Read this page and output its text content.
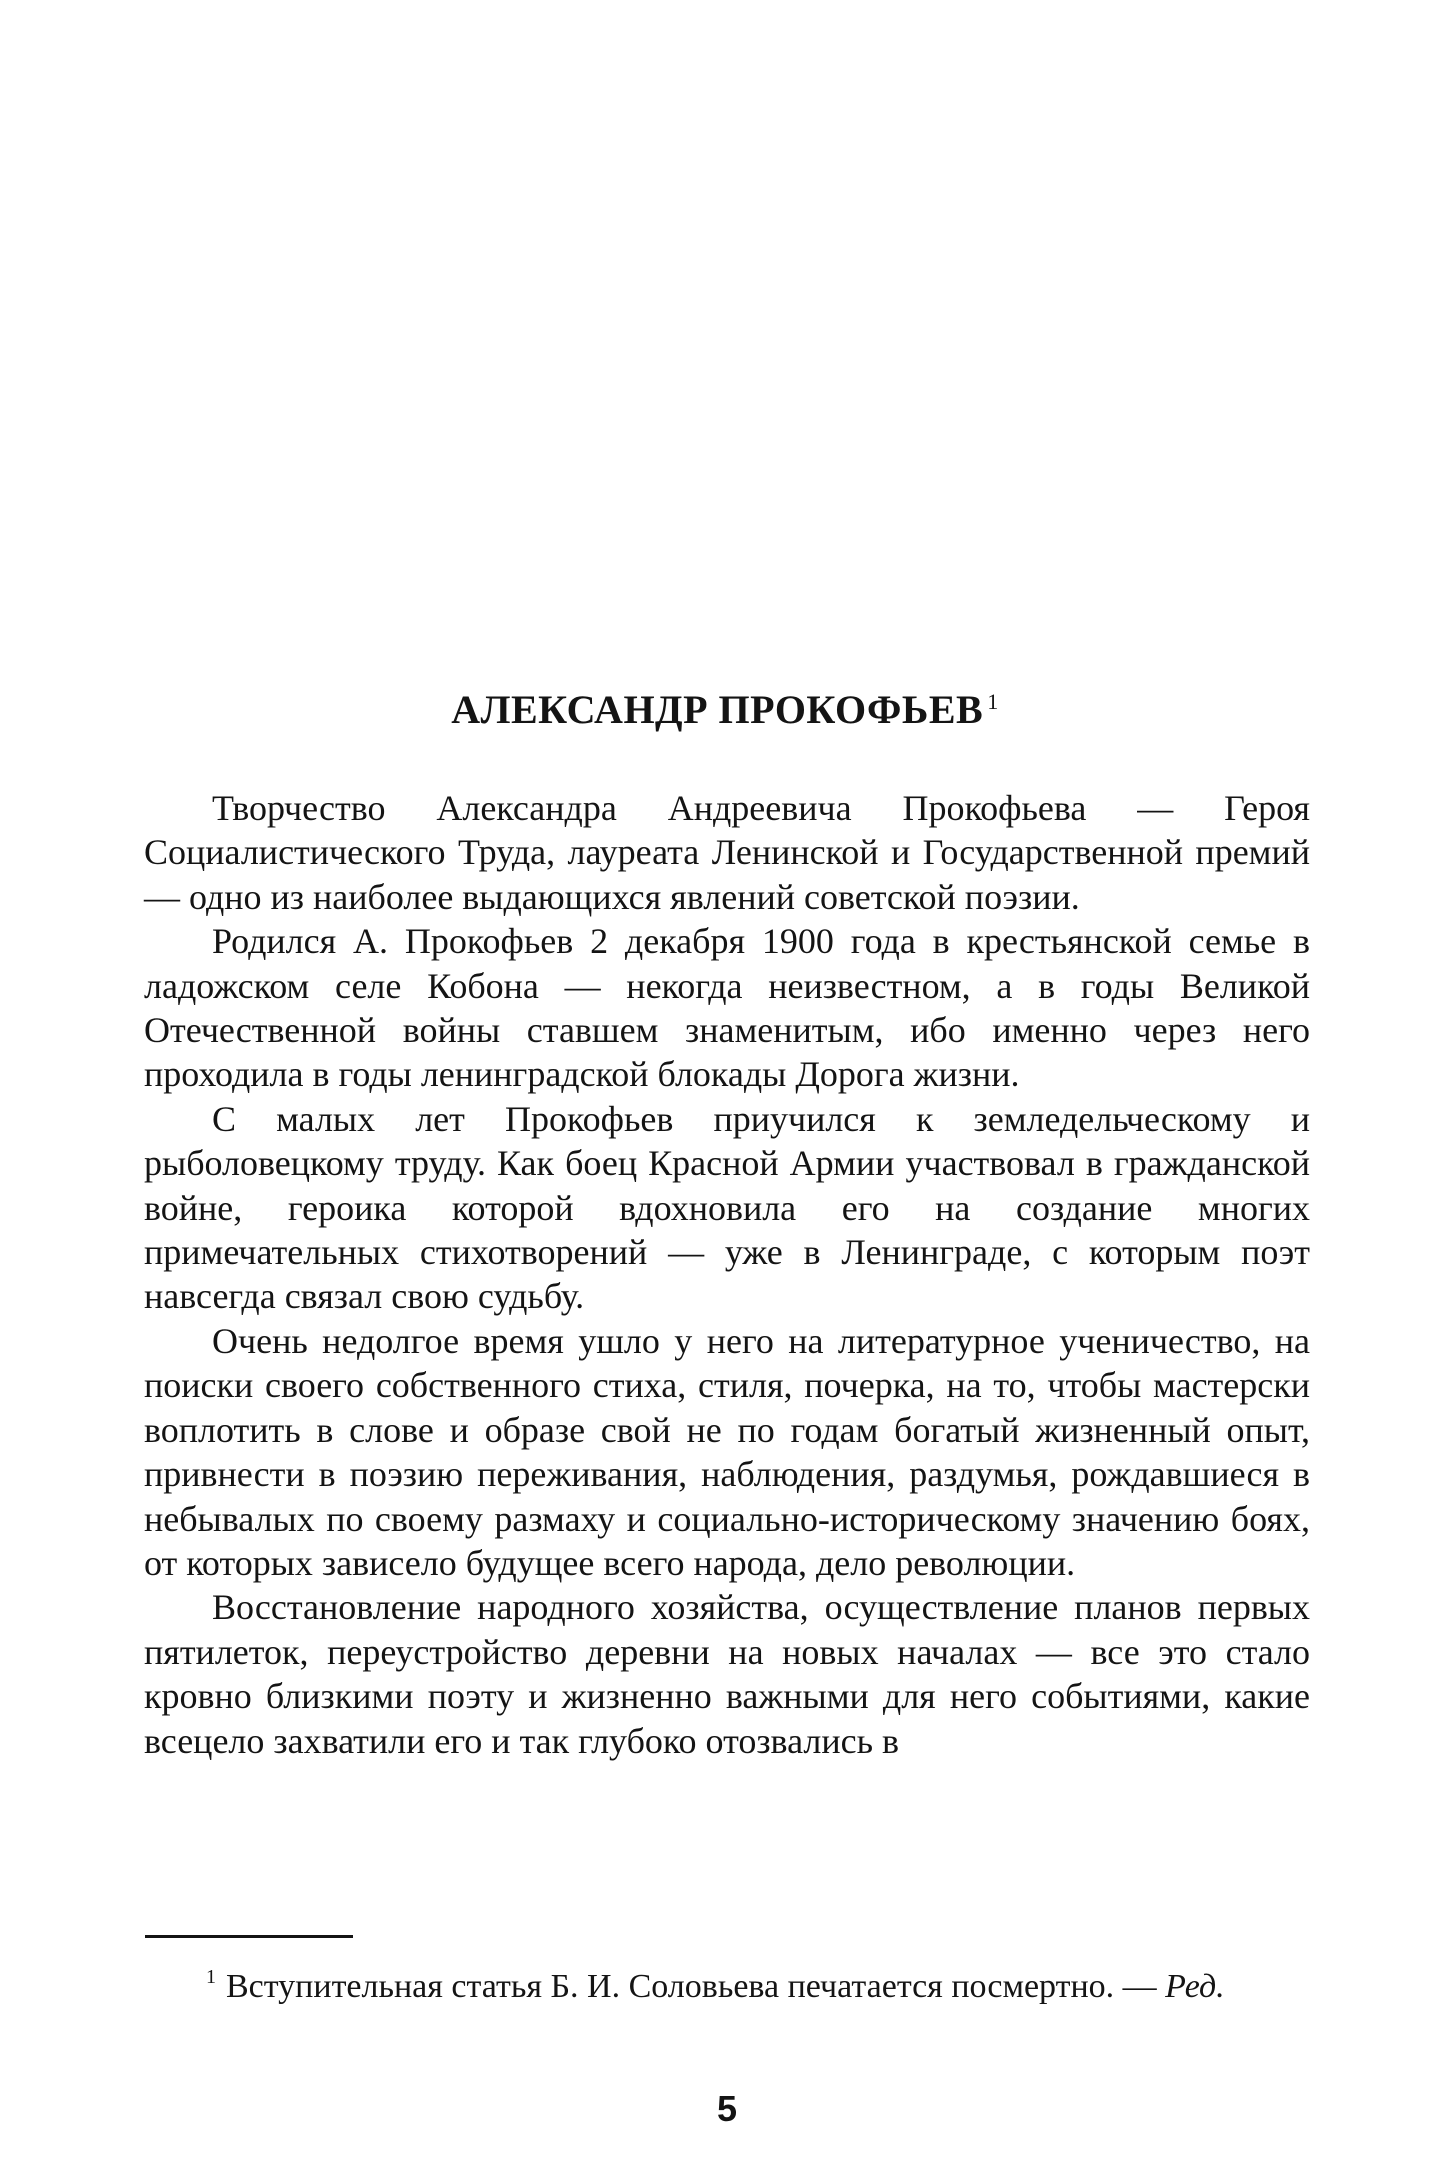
АЛЕКСАНДР ПРОКОФЬЕВ $^1$

Творчество Александра Андреевича Прокофьева — Героя Социалистического Труда, лауреата Ленинской и Государственной премий — одно из наиболее выдающихся явлений советской поэзии.

Родился А. Прокофьев 2 декабря 1900 года в крестьянской семье в ладожском селе Кобона — некогда неизвестном, а в годы Великой Отечественной войны ставшем знаменитым, ибо именно через него проходила в годы ленинградской блокады Дорога жизни.

С малых лет Прокофьев приучился к земледельческому и рыболовецкому труду. Как боец Красной Армии участвовал в гражданской войне, героика которой вдохновила его на создание многих примечательных стихотворений — уже в Ленинграде, с которым поэт навсегда связал свою судьбу.

Очень недолгое время ушло у него на литературное ученичество, на поиски своего собственного стиха, стиля, почерка, на то, чтобы мастерски воплотить в слове и образе свой не по годам богатый жизненный опыт, привнести в поэзию переживания, наблюдения, раздумья, рождавшиеся в небывалых по своему размаху и социально-историческому значению боях, от которых зависело будущее всего народа, дело революции.

Восстановление народного хозяйства, осуществление планов первых пятилеток, переустройство деревни на новых началах — все это стало кровно близкими поэту и жизненно важными для него событиями, какие всецело захватили его и так глубоко отозвались в

$^1$ Вступительная статья Б. И. Соловьева печатается посмертно. — Ред.
5
